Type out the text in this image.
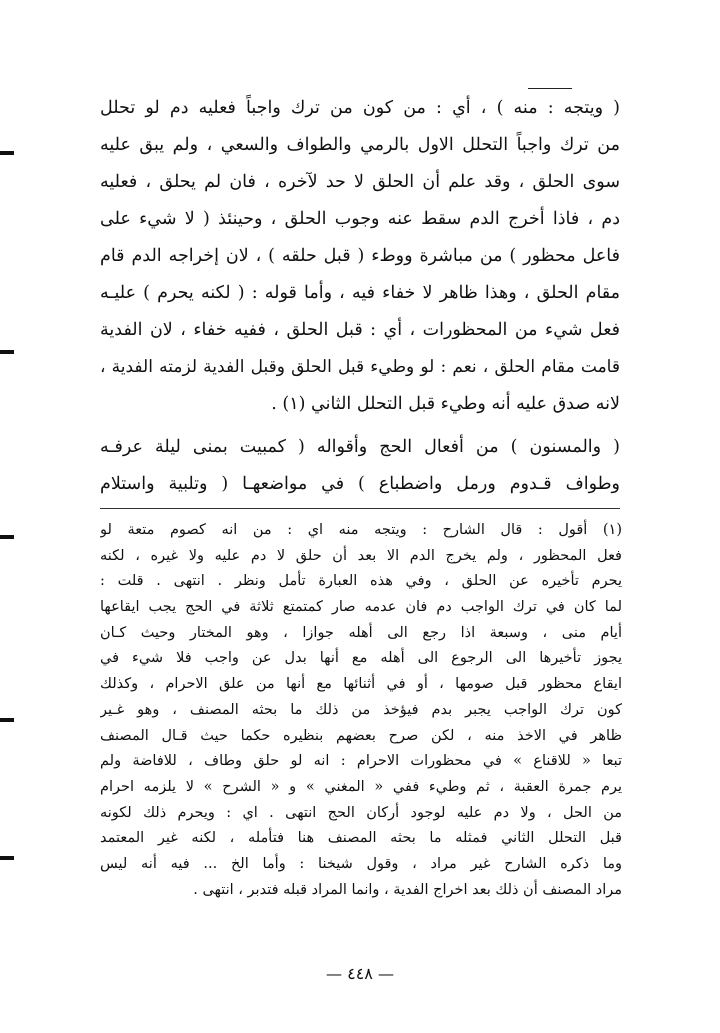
( ويتجه : منه ) ، أي : من كون من ترك واجباً فعليه دم لو تحلل
من ترك واجباً التحلل الاول بالرمي والطواف والسعي ، ولم يبق عليه
سوى الحلق ، وقد علم أن الحلق لا حد لآخره ، فان لم يحلق ، فعليه
دم ، فاذا أخرج الدم سقط عنه وجوب الحلق ، وحينئذ ( لا شيء على
فاعل محظور ) من مباشرة ووطء ( قبل حلقه ) ، لان إخراجه الدم قام
مقام الحلق ، وهذا ظاهر لا خفاء فيه ، وأما قوله : ( لكنه يحرم ) عليـه
فعل شيء من المحظورات ، أي : قبل الحلق ، ففيه خفاء ، لان الفدية
قامت مقام الحلق ، نعم : لو وطيء قبل الحلق وقبل الفدية لزمته الفدية ،
لانه صدق عليه أنه وطيء قبل التحلل الثاني (١) .
( والمسنون ) من أفعال الحج وأقواله ( كمبيت بمنى ليلة عرفـه
وطواف قـدوم ورمل واضطباع ) في مواضعهـا ( وتلبية واستلام
(١) أقول : قال الشارح : ويتجه منه اي : من انه كصوم متعة لو
فعل المحظور ، ولم يخرج الدم الا بعد أن حلق لا دم عليه ولا غيره ، لكنه
يحرم تأخيره عن الحلق ، وفي هذه العبارة تأمل ونظر . انتهى . قلت :
لما كان في ترك الواجب دم فان عدمه صار كمتمتع ثلاثة في الحج يجب ايقاعها
أيام منى ، وسبعة اذا رجع الى أهله جوازا ، وهو المختار وحيث كـان
يجوز تأخيرها الى الرجوع الى أهله مع أنها بدل عن واجب فلا شيء في
ايقاع محظور قبل صومها ، أو في أثنائها مع أنها من علق الاحرام ، وكذلك
كون ترك الواجب يجبر بدم فيؤخذ من ذلك ما بحثه المصنف ، وهو غـير
ظاهر في الاخذ منه ، لكن صرح بعضهم بنظيره حكما حيث قـال المصنف
تبعا « للاقناع » في محظورات الاحرام : انه لو حلق وطاف ، للافاضة ولم
يرم جمرة العقبة ، ثم وطيء ففي « المغني » و « الشرح » لا يلزمه احرام
من الحل ، ولا دم عليه لوجود أركان الحج انتهى . اي : ويحرم ذلك لكونه
قبل التحلل الثاني فمثله ما بحثه المصنف هنا فتأمله ، لكنه غير المعتمد
وما ذكره الشارح غير مراد ، وقول شيخنا : وأما الخ ... فيه أنه ليس
مراد المصنف أن ذلك بعد اخراج الفدية ، وانما المراد قبله فتدبر ، انتهى .
— ٤٤٨ —
